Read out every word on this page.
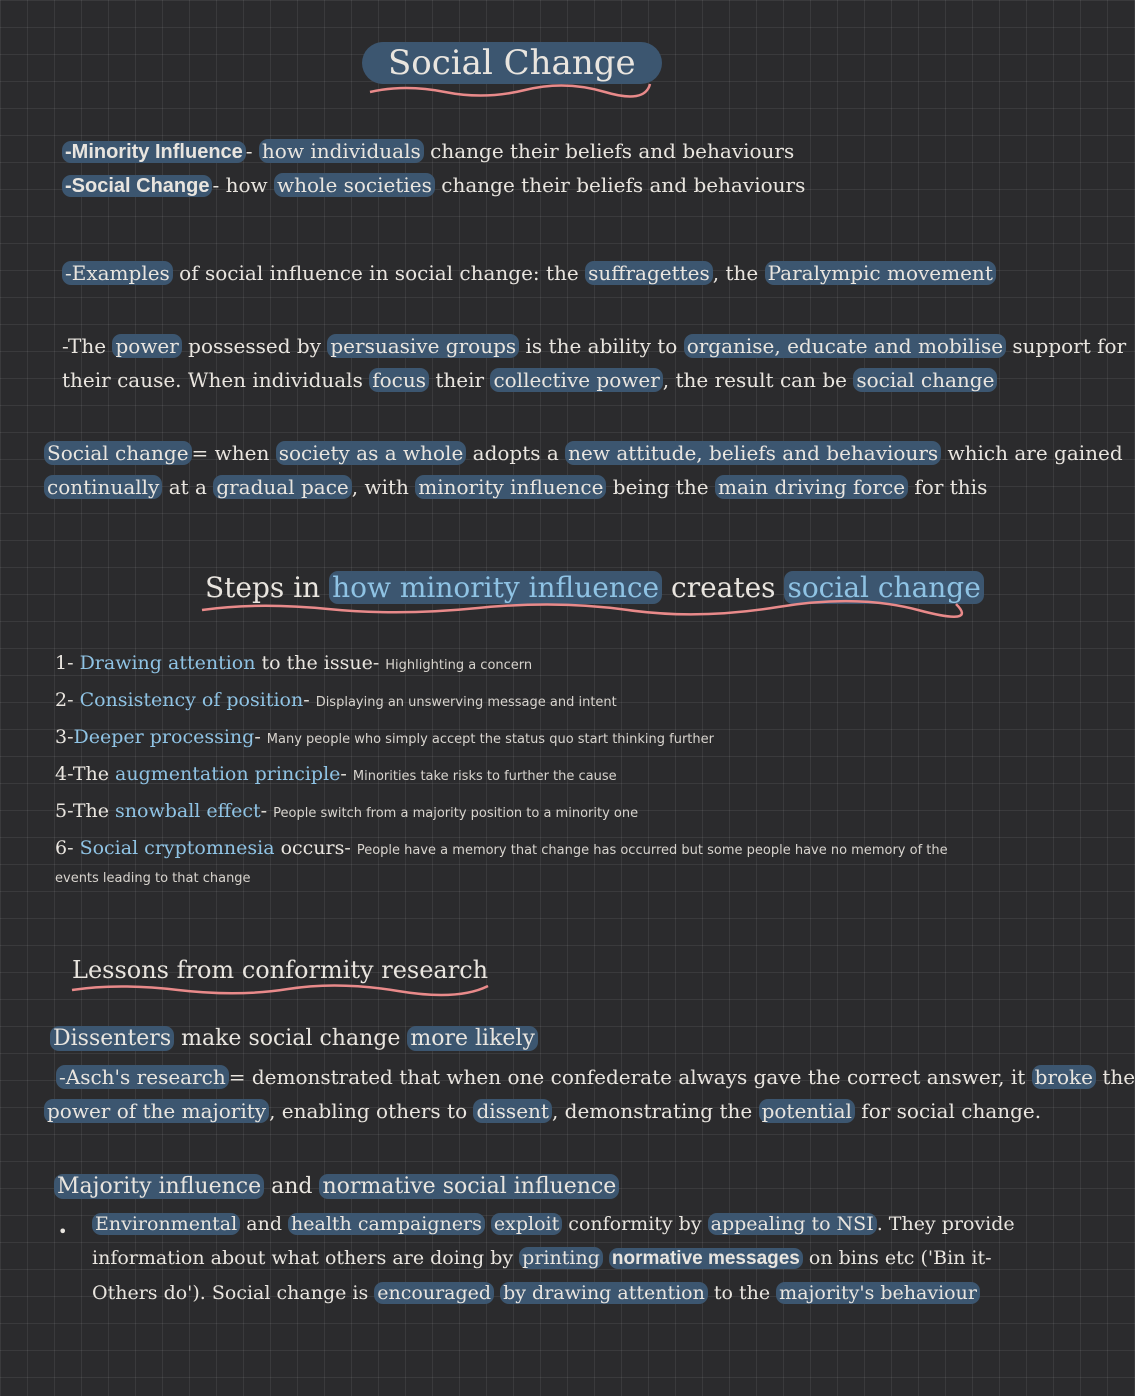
Social Change
-Minority Influence - how individuals change their beliefs and behaviours
-Social Change - how whole societies change their beliefs and behaviours
-Examples of social influence in social change: the suffragettes , the Paralympic movement
-The power possessed by persuasive groups is the ability to organise, educate and mobilise support for
their cause. When individuals focus their collective power , the result can be social change
Social change = when society as a whole adopts a new attitude, beliefs and behaviours which are gained
continually at a gradual pace , with minority influence being the main driving force for this
Steps in how minority influence creates social change
1- Drawing attention to the issue- Highlighting a concern
2- Consistency of position- Displaying an unswerving message and intent
3-Deeper processing- Many people who simply accept the status quo start thinking further
4-The augmentation principle- Minorities take risks to further the cause
5-The snowball effect- People switch from a majority position to a minority one
6- Social cryptomnesia occurs- People have a memory that change has occurred but some people have no memory of the
events leading to that change
Lessons from conformity research
Dissenters make social change more likely
-Asch's research = demonstrated that when one confederate always gave the correct answer, it broke the
power of the majority , enabling others to dissent , demonstrating the potential for social change.
Majority influence and normative social influence
• Environmental and health campaigners exploit conformity by appealing to NSI . They provide
information about what others are doing by printing normative messages on bins etc ('Bin it-
Others do'). Social change is encouraged by drawing attention to the majority's behaviour
